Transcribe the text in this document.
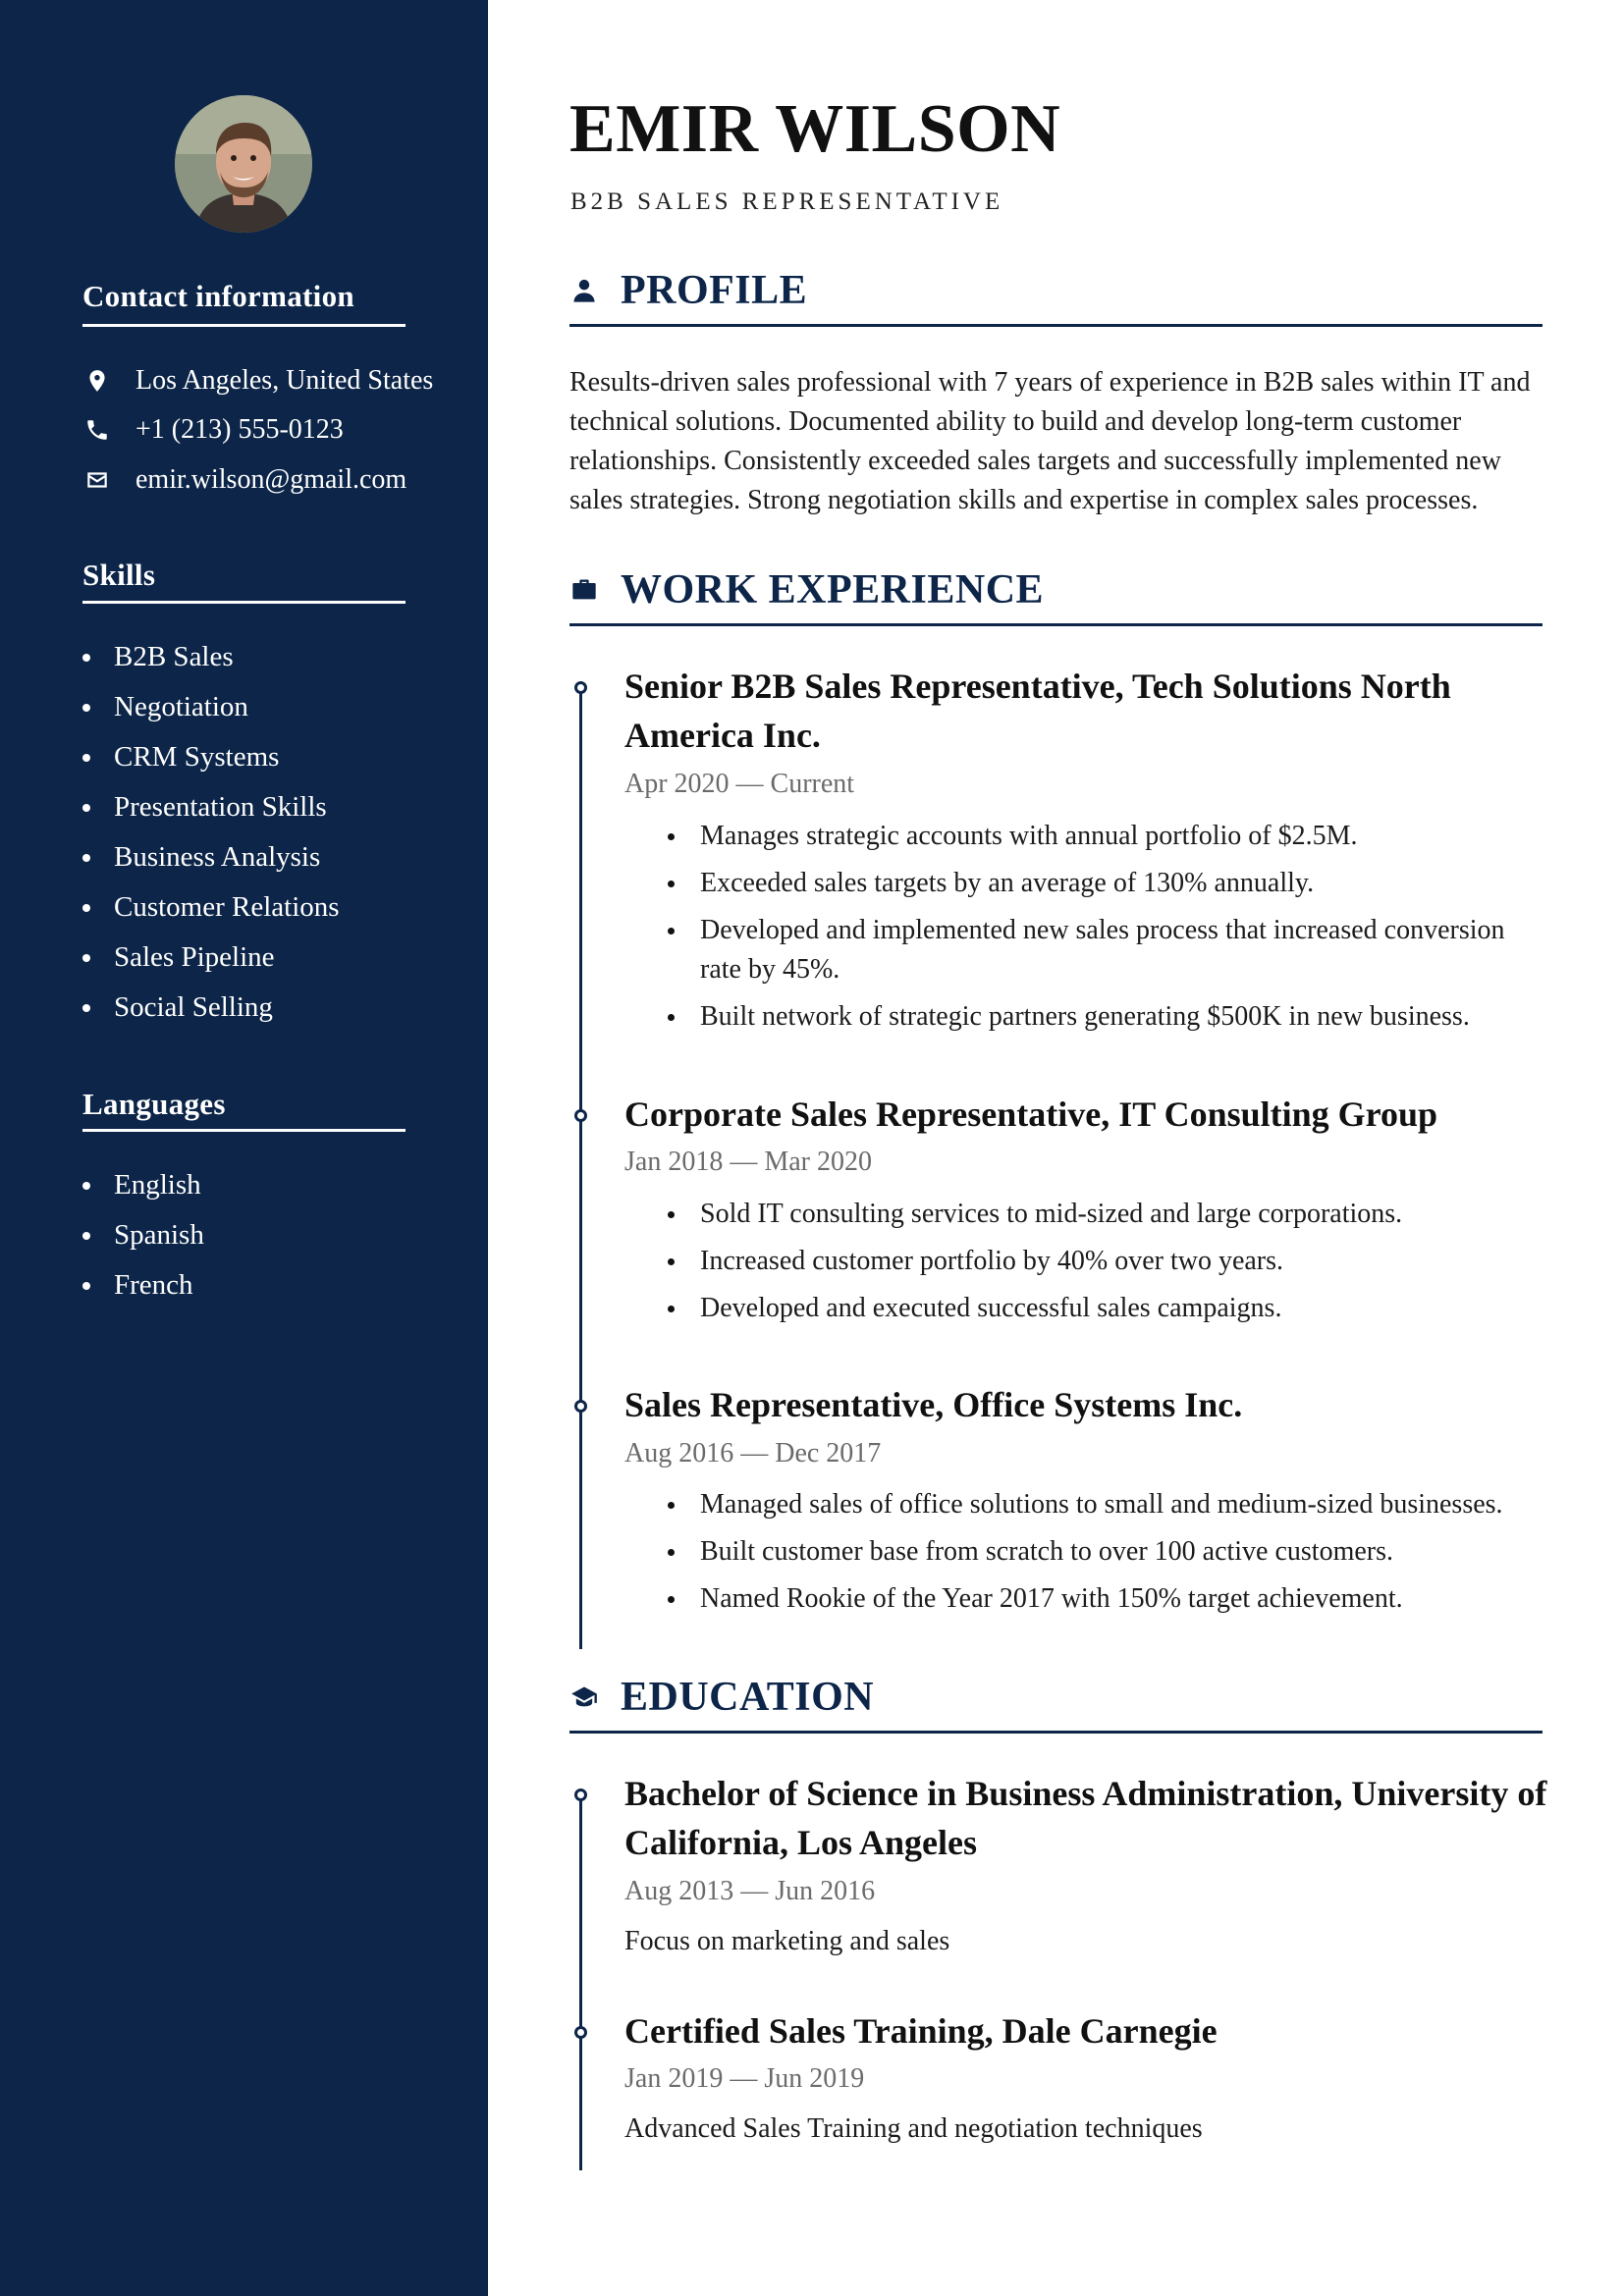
Contact information
Los Angeles, United States
+1 (213) 555-0123
emir.wilson@gmail.com
Skills
B2B Sales
Negotiation
CRM Systems
Presentation Skills
Business Analysis
Customer Relations
Sales Pipeline
Social Selling
Languages
English
Spanish
French
EMIR WILSON
B2B SALES REPRESENTATIVE
PROFILE

Results-driven sales professional with 7 years of experience in B2B sales within IT and technical solutions. Documented ability to build and develop long-term customer relationships. Consistently exceeded sales targets and successfully implemented new sales strategies. Strong negotiation skills and expertise in complex sales processes.

WORK EXPERIENCE
Senior B2B Sales Representative, Tech Solutions North America Inc.
Apr 2020 — Current
Manages strategic accounts with annual portfolio of $2.5M.
Exceeded sales targets by an average of 130% annually.
Developed and implemented new sales process that increased conversion rate by 45%.
Built network of strategic partners generating $500K in new business.
Corporate Sales Representative, IT Consulting Group
Jan 2018 — Mar 2020
Sold IT consulting services to mid-sized and large corporations.
Increased customer portfolio by 40% over two years.
Developed and executed successful sales campaigns.
Sales Representative, Office Systems Inc.
Aug 2016 — Dec 2017
Managed sales of office solutions to small and medium-sized businesses.
Built customer base from scratch to over 100 active customers.
Named Rookie of the Year 2017 with 150% target achievement.
EDUCATION
Bachelor of Science in Business Administration, University of California, Los Angeles
Aug 2013 — Jun 2016
Focus on marketing and sales
Certified Sales Training, Dale Carnegie
Jan 2019 — Jun 2019
Advanced Sales Training and negotiation techniques
